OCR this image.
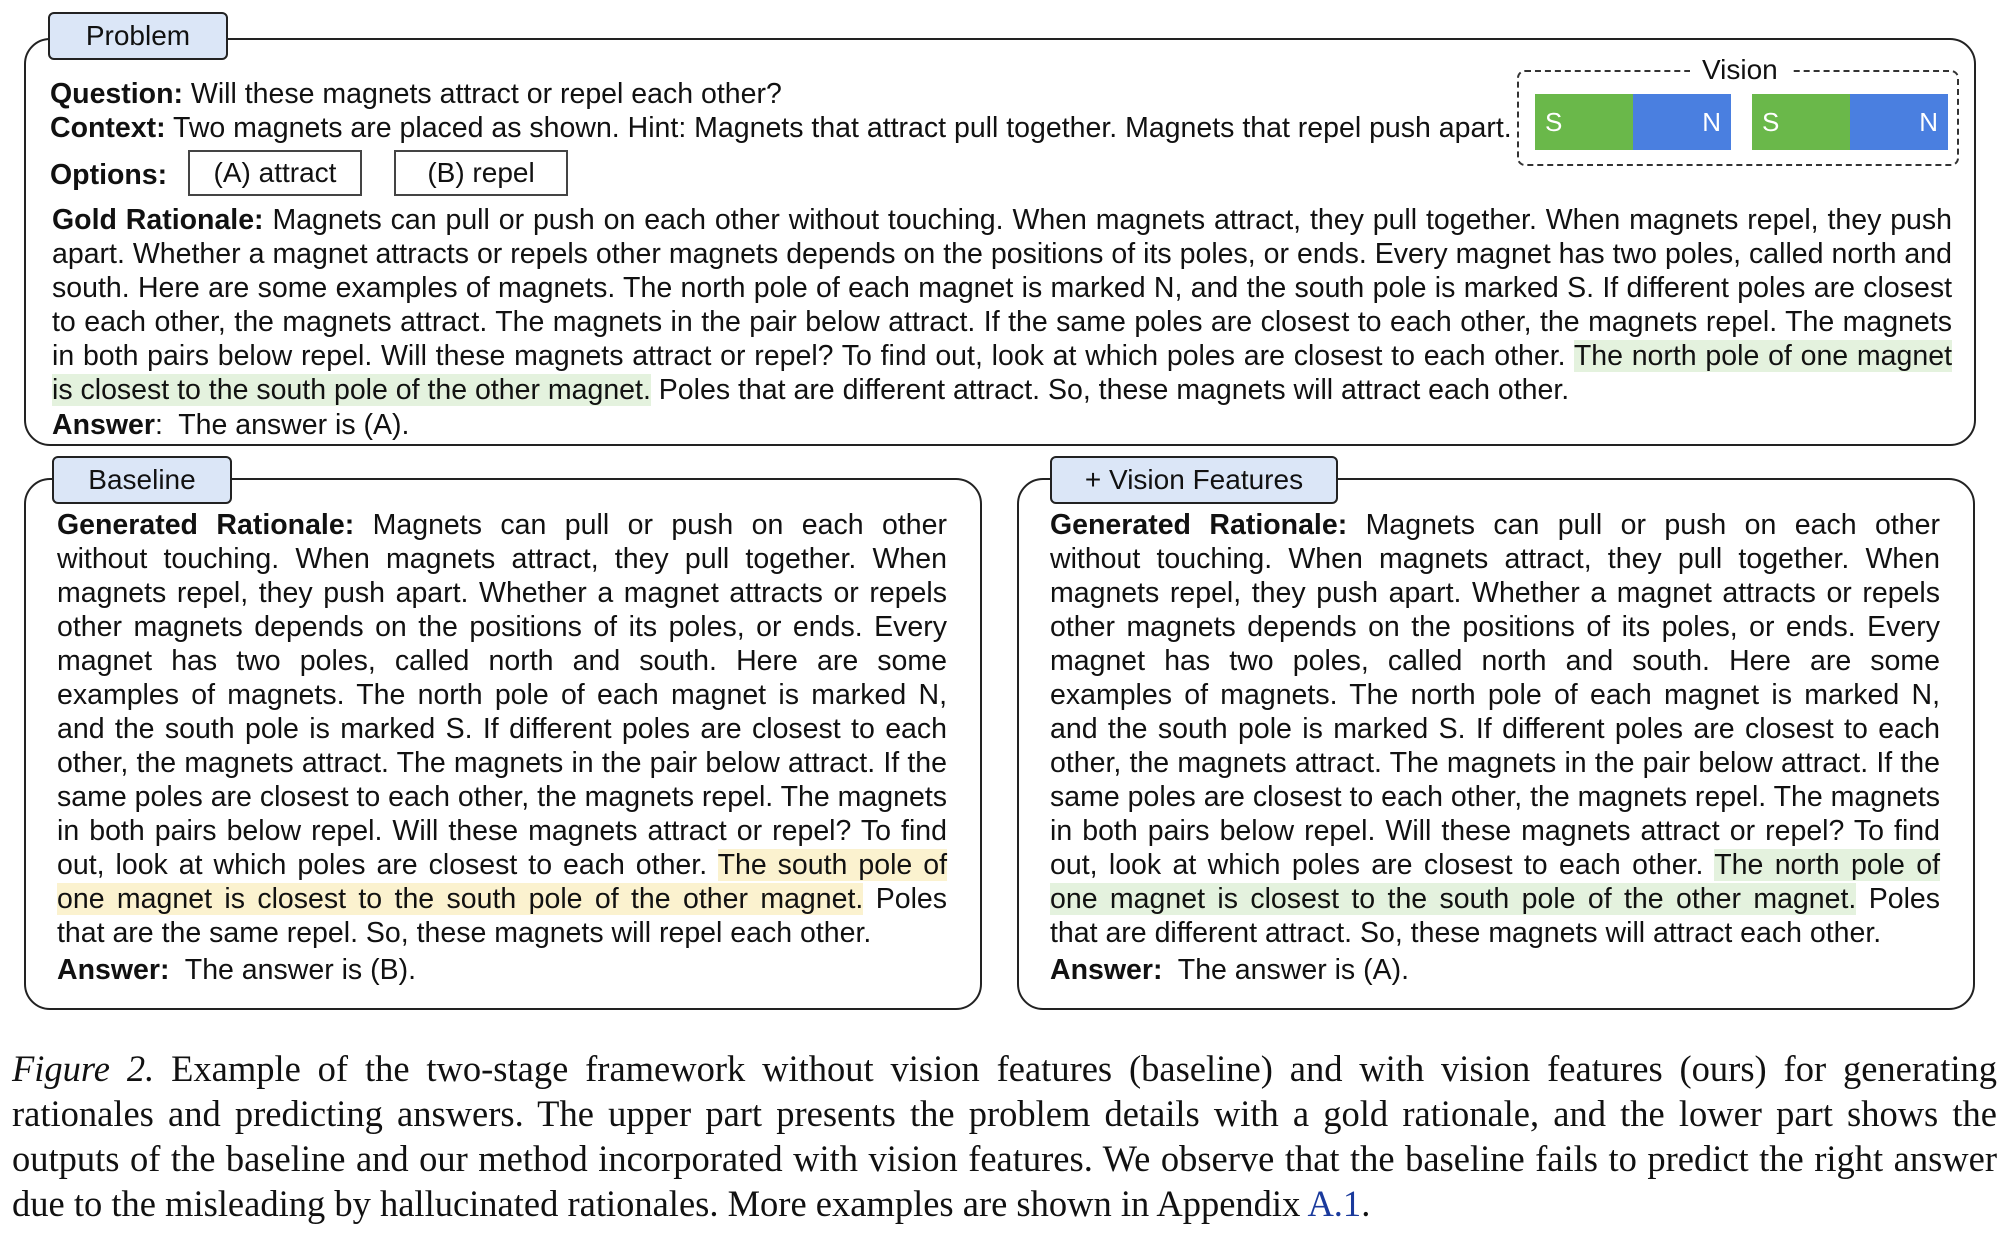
Problem
Question: Will these magnets attract or repel each other?
Context: Two magnets are placed as shown. Hint: Magnets that attract pull together. Magnets that repel push apart.
Options:	(A) attract	(B) repel
Vision
S	N	S	N
Gold Rationale: Magnets can pull or push on each other without touching. When magnets attract, they pull together. When magnets repel, they push apart. Whether a magnet attracts or repels other magnets depends on the positions of its poles, or ends. Every magnet has two poles, called north and south. Here are some examples of magnets. The north pole of each magnet is marked N, and the south pole is marked S. If different poles are closest to each other, the magnets attract. The magnets in the pair below attract. If the same poles are closest to each other, the magnets repel. The magnets in both pairs below repel. Will these magnets attract or repel? To find out, look at which poles are closest to each other. The north pole of one magnet is closest to the south pole of the other magnet. Poles that are different attract. So, these magnets will attract each other.
Answer:  The answer is (A).
Baseline
Generated Rationale: Magnets can pull or push on each other without touching. When magnets attract, they pull together. When magnets repel, they push apart. Whether a magnet attracts or repels other magnets depends on the positions of its poles, or ends. Every magnet has two poles, called north and south. Here are some examples of magnets. The north pole of each magnet is marked N, and the south pole is marked S. If different poles are closest to each other, the magnets attract. The magnets in the pair below attract. If the same poles are closest to each other, the magnets repel. The magnets in both pairs below repel. Will these magnets attract or repel? To find out, look at which poles are closest to each other. The south pole of one magnet is closest to the south pole of the other magnet. Poles that are the same repel. So, these magnets will repel each other.
Answer: The answer is (B).
+ Vision Features
Generated Rationale: Magnets can pull or push on each other without touching. When magnets attract, they pull together. When magnets repel, they push apart. Whether a magnet attracts or repels other magnets depends on the positions of its poles, or ends. Every magnet has two poles, called north and south. Here are some examples of magnets. The north pole of each magnet is marked N, and the south pole is marked S. If different poles are closest to each other, the magnets attract. The magnets in the pair below attract. If the same poles are closest to each other, the magnets repel. The magnets in both pairs below repel. Will these magnets attract or repel? To find out, look at which poles are closest to each other. The north pole of one magnet is closest to the south pole of the other magnet. Poles that are different attract. So, these magnets will attract each other.
Answer: The answer is (A).
Figure 2. Example of the two-stage framework without vision features (baseline) and with vision features (ours) for generating rationales and predicting answers. The upper part presents the problem details with a gold rationale, and the lower part shows the outputs of the baseline and our method incorporated with vision features. We observe that the baseline fails to predict the right answer due to the misleading by hallucinated rationales. More examples are shown in Appendix A.1.
